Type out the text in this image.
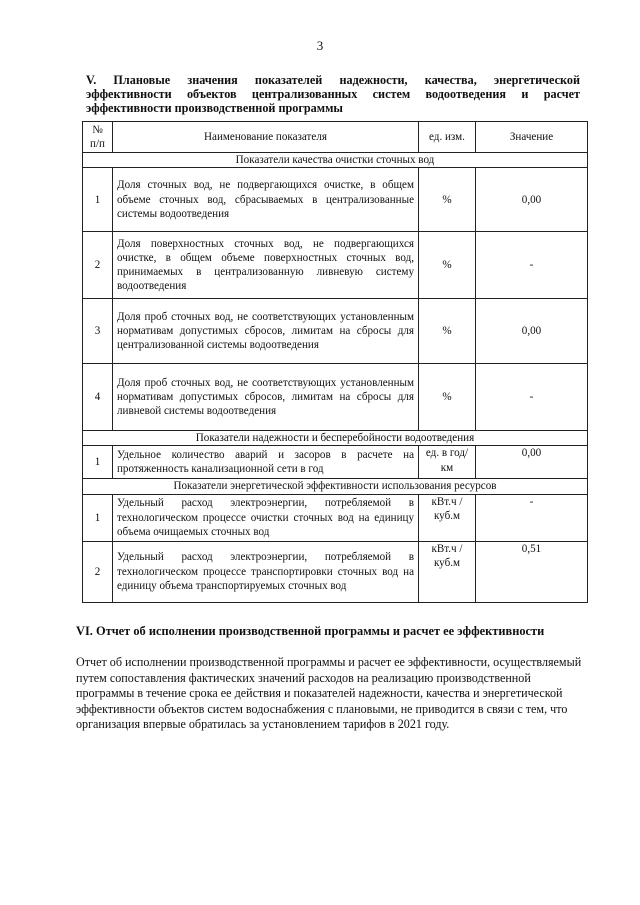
3
V. Плановые значения показателей надежности, качества, энергетической эффективности объектов централизованных систем водоотведения и расчет эффективности производственной программы
№ п/п	Наименование показателя	ед. изм.	Значение
Показатели качества очистки сточных вод			
1	Доля сточных вод, не подвергающихся очистке, в общем объеме сточных вод, сбрасываемых в централизованные системы водоотведения	%	0,00
2	Доля поверхностных сточных вод, не подвергающихся очистке, в общем объеме поверхностных сточных вод, принимаемых в централизованную ливневую систему водоотведения	%	-
3	Доля проб сточных вод, не соответствующих установленным нормативам допустимых сбросов, лимитам на сбросы для централизованной системы водоотведения	%	0,00
4	Доля проб сточных вод, не соответствующих установленным нормативам допустимых сбросов, лимитам на сбросы для ливневой системы водоотведения	%	-
Показатели надежности и бесперебойности водоотведения			
1	Удельное количество аварий и засоров в расчете на протяженность канализационной сети в год	ед. в год/ км	0,00
Показатели энергетической эффективности использования ресурсов			
1	Удельный расход электроэнергии, потребляемой в технологическом процессе очистки сточных вод на единицу объема очищаемых сточных вод	кВт.ч / куб.м	-
2	Удельный расход электроэнергии, потребляемой в технологическом процессе транспортировки сточных вод на единицу объема транспортируемых сточных вод	кВт.ч / куб.м	0,51
VI. Отчет об исполнении производственной программы и расчет ее эффективности
Отчет об исполнении производственной программы и расчет ее эффективности, осуществляемый путем сопоставления фактических значений расходов на реализацию производственной программы в течение срока ее действия и показателей надежности, качества и энергетической эффективности объектов систем водоснабжения с плановыми, не приводится в связи с тем, что организация впервые обратилась за установлением тарифов в 2021 году.
